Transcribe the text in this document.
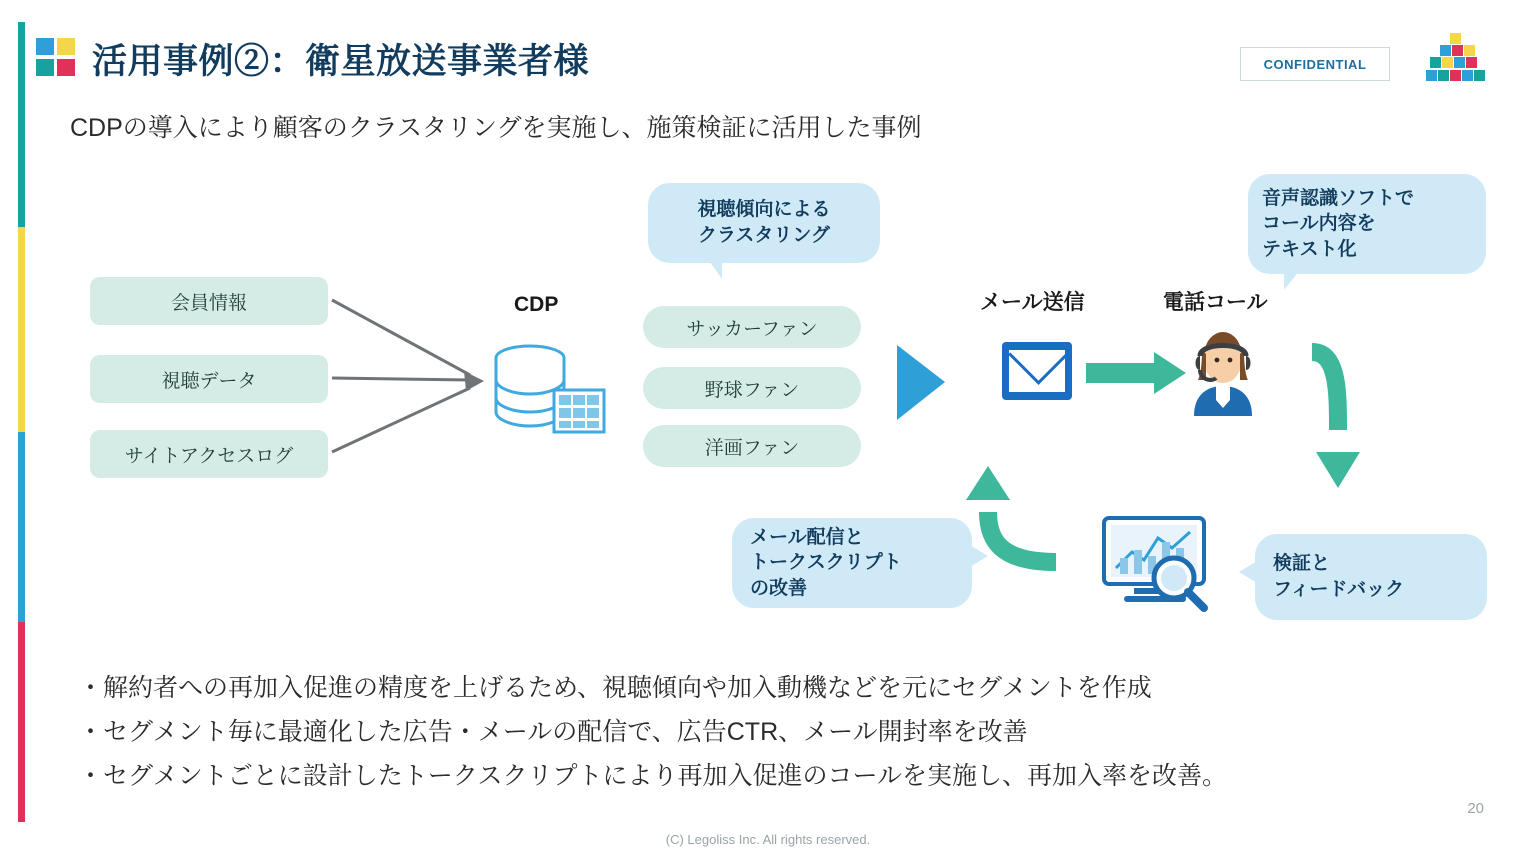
活用事例②：衛星放送事業者様	CONFIDENTIAL
CDPの導入により顧客のクラスタリングを実施し、施策検証に活用した事例
会員情報
視聴データ
サイトアクセスログ
CDP
視聴傾向による
クラスタリング
サッカーファン
野球ファン
洋画ファン
メール送信	電話コール
音声認識ソフトで
コール内容を
テキスト化
検証と
フィードバック
メール配信と
トークスクリプト
の改善

・解約者への再加入促進の精度を上げるため、視聴傾向や加入動機などを元にセグメントを作成

・セグメント毎に最適化した広告・メールの配信で、広告CTR、メール開封率を改善

・セグメントごとに設計したトークスクリプトにより再加入促進のコールを実施し、再加入率を改善。

20
(C) Legoliss Inc. All rights reserved.
